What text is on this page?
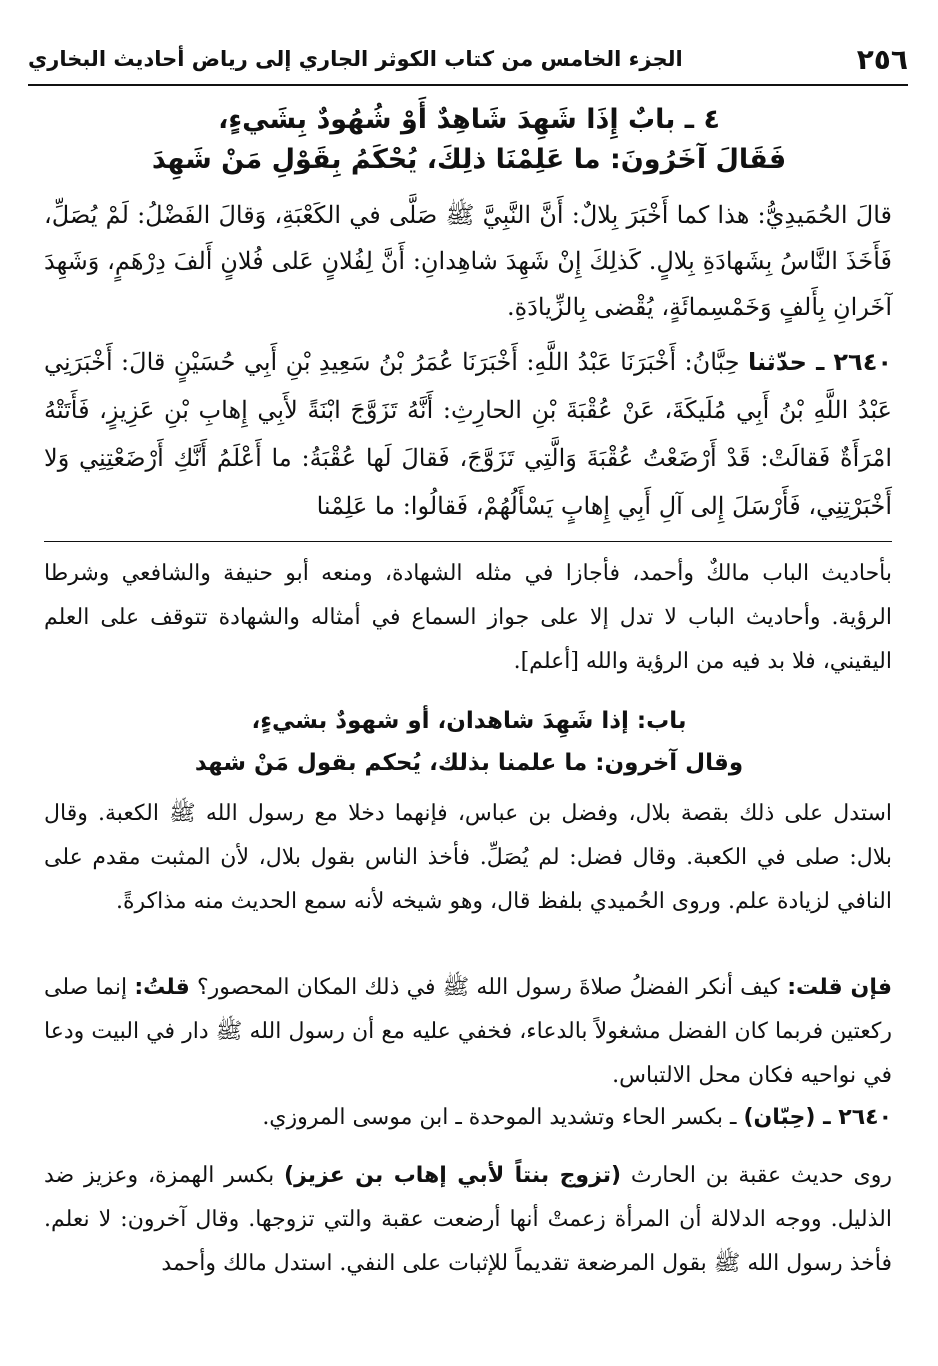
٢٥٦
الجزء الخامس من كتاب الكوثر الجاري إلى رياض أحاديث البخاري
٤ ـ بابٌ إِذَا شَهِدَ شَاهِدٌ أَوْ شُهُودٌ بِشَيءٍ،
فَقَالَ آخَرُونَ: ما عَلِمْنَا ذلِكَ، يُحْكَمُ بِقَوْلِ مَنْ شَهِدَ

قالَ الحُمَيدِيُّ: هذا كما أَخْبَرَ بِلالٌ: أَنَّ النَّبِيَّ ﷺ صَلَّى في الكَعْبَةِ، وَقالَ الفَضْلُ: لَمْ يُصَلِّ، فَأَخَذَ النَّاسُ بِشَهادَةِ بِلالٍ. كَذلِكَ إِنْ شَهِدَ شاهِدانِ: أَنَّ لِفُلانٍ عَلى فُلانٍ أَلفَ دِرْهَمٍ، وَشَهِدَ آخَرانِ بِأَلفٍ وَخَمْسِمائَةٍ، يُقْضى بِالزِّيادَةِ.

٢٦٤٠ ـ حدّثنا حِبَّانُ: أَخْبَرَنَا عَبْدُ اللَّهِ: أَخْبَرَنَا عُمَرُ بْنُ سَعِيدِ بْنِ أَبِي حُسَيْنٍ قالَ: أَخْبَرَنِي عَبْدُ اللَّهِ بْنُ أَبِي مُلَيكَةَ، عَنْ عُقْبَةَ بْنِ الحارِثِ: أَنَّهُ تَزَوَّجَ ابْنَةً لأَبِي إِهابِ بْنِ عَزِيزٍ، فَأَتَتْهُ امْرَأَةٌ فَقالَتْ: قَدْ أَرْضَعْتُ عُقْبَةَ وَالَّتِي تَزَوَّجَ، فَقالَ لَها عُقْبَةُ: ما أَعْلَمُ أَنَّكِ أَرْضَعْتِنِي وَلا أَخْبَرْتِنِي، فَأَرْسَلَ إِلى آلِ أَبِي إِهابٍ يَسْأَلُهُمْ، فَقالُوا: ما عَلِمْنا

بأحاديث الباب مالكٌ وأحمد، فأجازا في مثله الشهادة، ومنعه أبو حنيفة والشافعي وشرطا الرؤية. وأحاديث الباب لا تدل إلا على جواز السماع في أمثاله والشهادة تتوقف على العلم اليقيني، فلا بد فيه من الرؤية والله [أعلم].

باب: إذا شَهِدَ شاهدان، أو شهودٌ بشيءٍ،
وقال آخرون: ما علمنا بذلك، يُحكم بقول مَنْ شهد

استدل على ذلك بقصة بلال، وفضل بن عباس، فإنهما دخلا مع رسول الله ﷺ الكعبة. وقال بلال: صلى في الكعبة. وقال فضل: لم يُصَلِّ. فأخذ الناس بقول بلال، لأن المثبت مقدم على النافي لزيادة علم. وروى الحُميدي بلفظ قال، وهو شيخه لأنه سمع الحديث منه مذاكرةً.

فإن قلت: كيف أنكر الفضلُ صلاةَ رسول الله ﷺ في ذلك المكان المحصور؟ قلتُ: إنما صلى ركعتين فربما كان الفضل مشغولاً بالدعاء، فخفي عليه مع أن رسول الله ﷺ دار في البيت ودعا في نواحيه فكان محل الالتباس.

٢٦٤٠ ـ (حِبّان) ـ بكسر الحاء وتشديد الموحدة ـ ابن موسى المروزي.

روى حديث عقبة بن الحارث (تزوج بنتاً لأبي إهاب بن عزيز) بكسر الهمزة، وعزيز ضد الذليل. ووجه الدلالة أن المرأة زعمتْ أنها أرضعت عقبة والتي تزوجها. وقال آخرون: لا نعلم. فأخذ رسول الله ﷺ بقول المرضعة تقديماً للإثبات على النفي. استدل مالك وأحمد
